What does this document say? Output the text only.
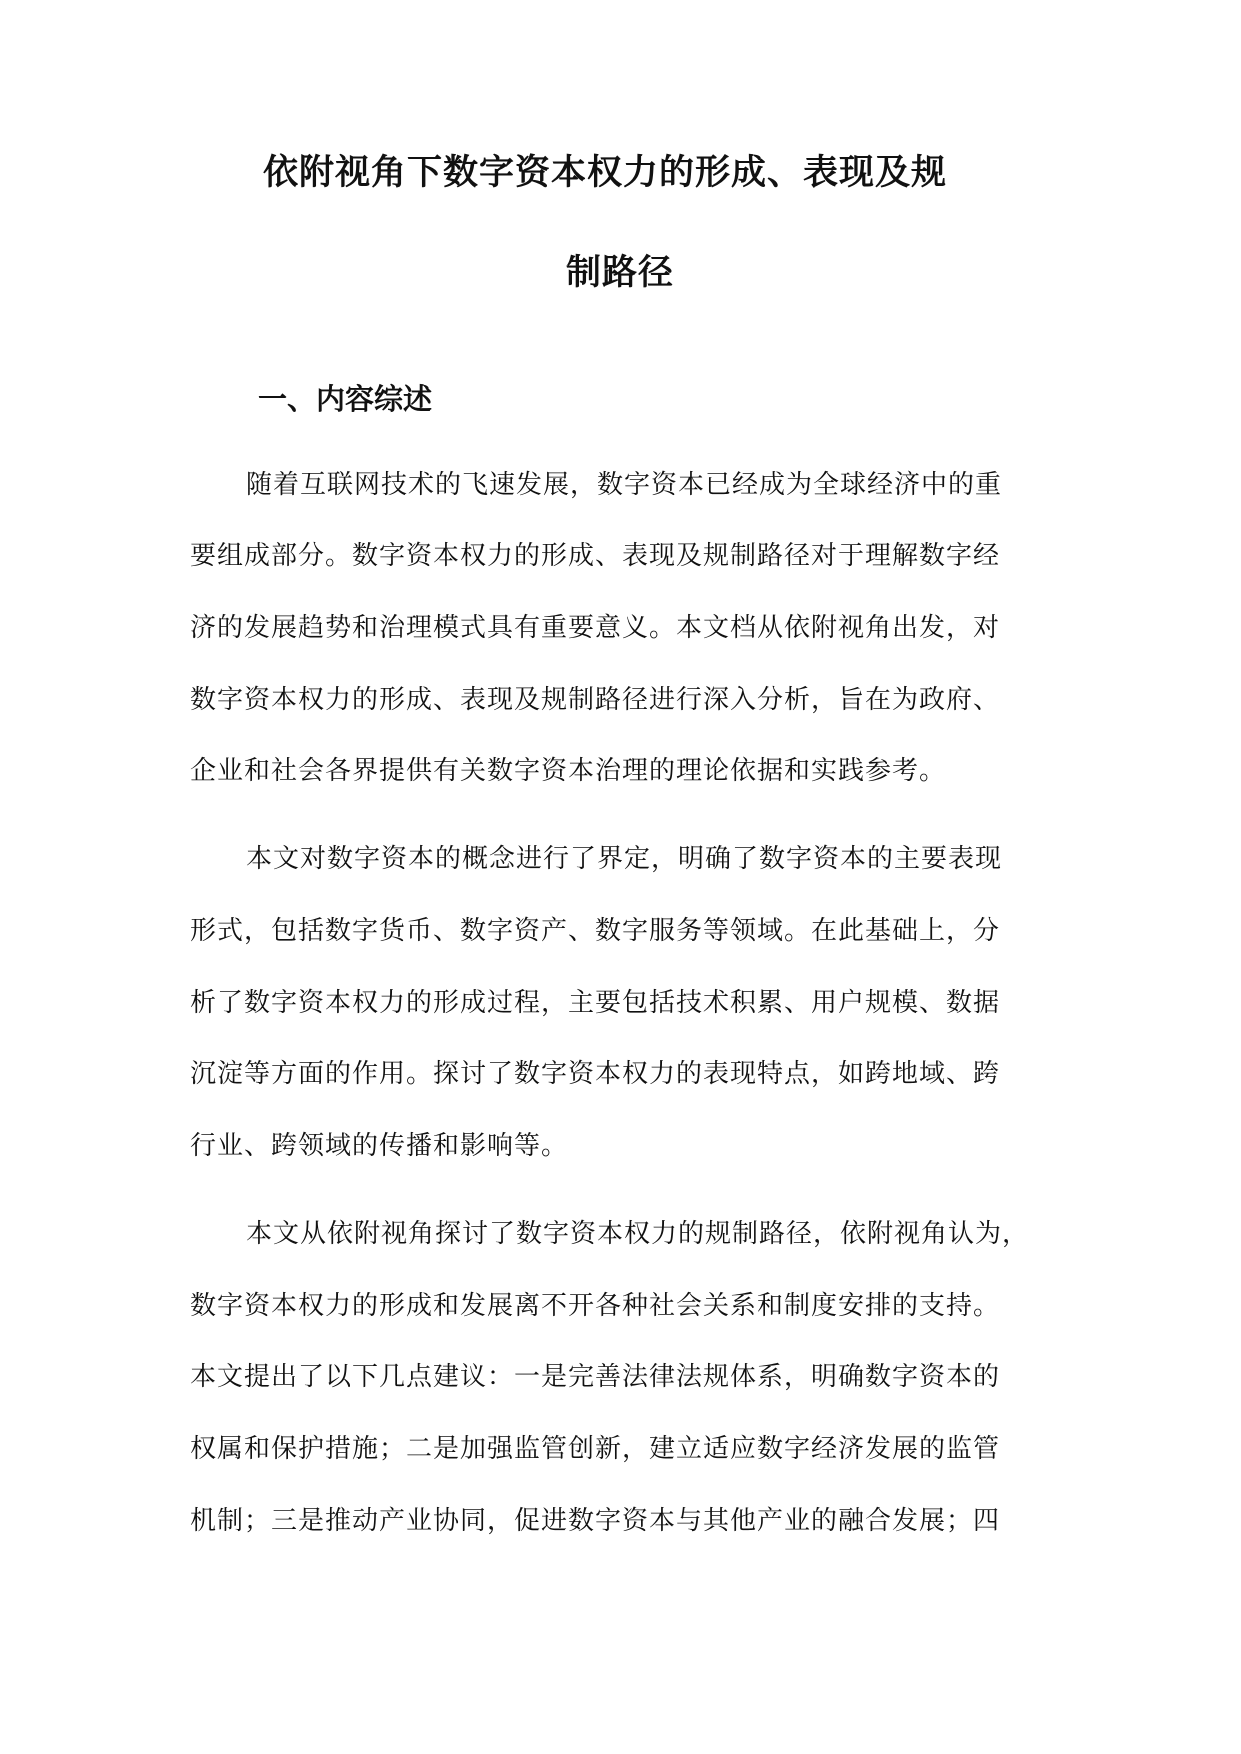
依附视角下数字资本权力的形成、表现及规
制路径
一、内容综述
随着互联网技术的飞速发展，数字资本已经成为全球经济中的重
要组成部分。数字资本权力的形成、表现及规制路径对于理解数字经
济的发展趋势和治理模式具有重要意义。本文档从依附视角出发，对
数字资本权力的形成、表现及规制路径进行深入分析，旨在为政府、
企业和社会各界提供有关数字资本治理的理论依据和实践参考。
本文对数字资本的概念进行了界定，明确了数字资本的主要表现
形式，包括数字货币、数字资产、数字服务等领域。在此基础上，分
析了数字资本权力的形成过程，主要包括技术积累、用户规模、数据
沉淀等方面的作用。探讨了数字资本权力的表现特点，如跨地域、跨
行业、跨领域的传播和影响等。
本文从依附视角探讨了数字资本权力的规制路径，依附视角认为，
数字资本权力的形成和发展离不开各种社会关系和制度安排的支持。
本文提出了以下几点建议：一是完善法律法规体系，明确数字资本的
权属和保护措施；二是加强监管创新，建立适应数字经济发展的监管
机制；三是推动产业协同，促进数字资本与其他产业的融合发展；四
